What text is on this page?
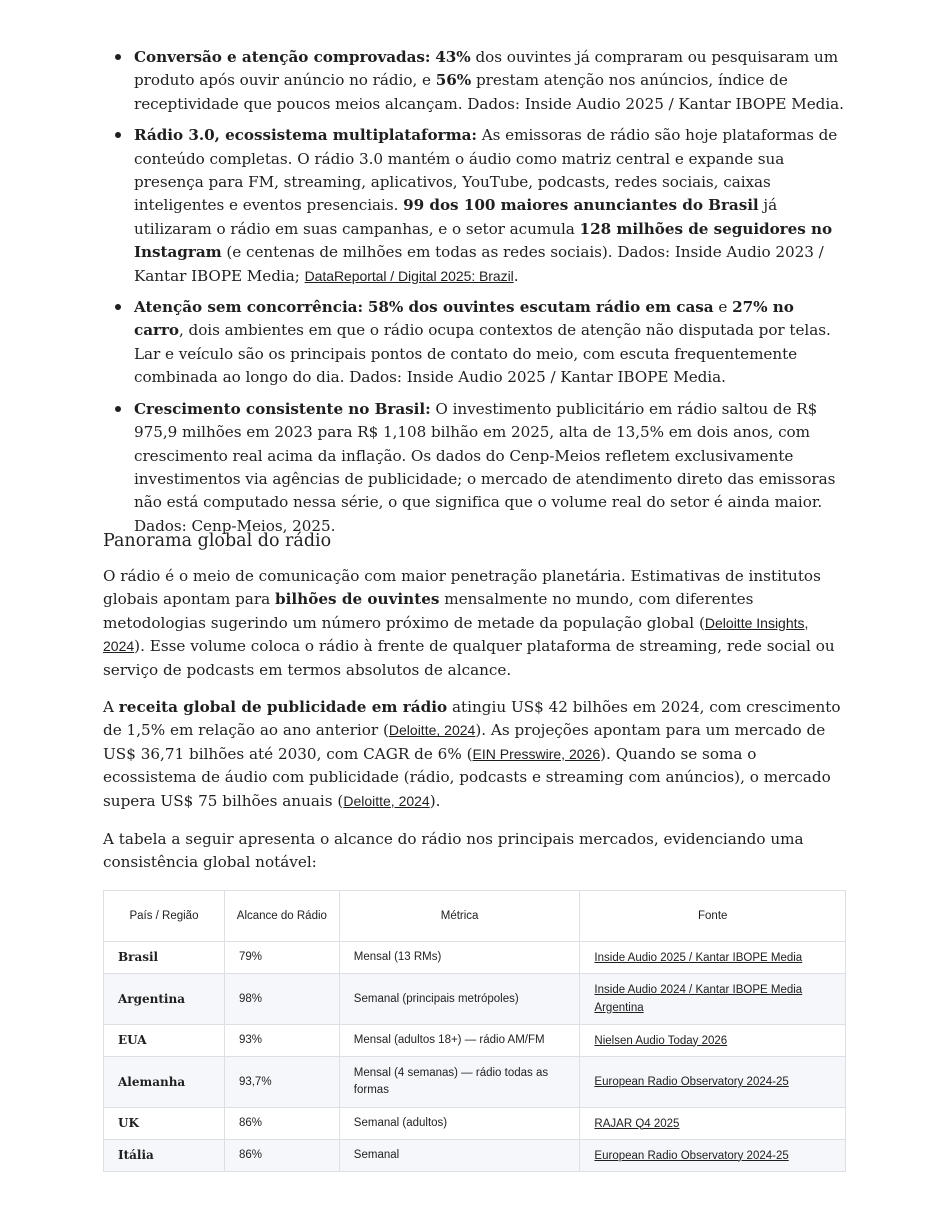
Conversão e atenção comprovadas: 43% dos ouvintes já compraram ou pesquisaram um produto após ouvir anúncio no rádio, e 56% prestam atenção nos anúncios, índice de receptividade que poucos meios alcançam. Dados: Inside Audio 2025 / Kantar IBOPE Media.
Rádio 3.0, ecossistema multiplataforma: As emissoras de rádio são hoje plataformas de conteúdo completas. O rádio 3.0 mantém o áudio como matriz central e expande sua presença para FM, streaming, aplicativos, YouTube, podcasts, redes sociais, caixas inteligentes e eventos presenciais. 99 dos 100 maiores anunciantes do Brasil já utilizaram o rádio em suas campanhas, e o setor acumula 128 milhões de seguidores no Instagram (e centenas de milhões em todas as redes sociais). Dados: Inside Audio 2023 / Kantar IBOPE Media; DataReportal / Digital 2025: Brazil.
Atenção sem concorrência: 58% dos ouvintes escutam rádio em casa e 27% no carro, dois ambientes em que o rádio ocupa contextos de atenção não disputada por telas. Lar e veículo são os principais pontos de contato do meio, com escuta frequentemente combinada ao longo do dia. Dados: Inside Audio 2025 / Kantar IBOPE Media.
Crescimento consistente no Brasil: O investimento publicitário em rádio saltou de R$ 975,9 milhões em 2023 para R$ 1,108 bilhão em 2025, alta de 13,5% em dois anos, com crescimento real acima da inflação. Os dados do Cenp-Meios refletem exclusivamente investimentos via agências de publicidade; o mercado de atendimento direto das emissoras não está computado nessa série, o que significa que o volume real do setor é ainda maior. Dados: Cenp-Meios, 2025.
Panorama global do rádio

O rádio é o meio de comunicação com maior penetração planetária. Estimativas de institutos globais apontam para bilhões de ouvintes mensalmente no mundo, com diferentes metodologias sugerindo um número próximo de metade da população global (Deloitte Insights, 2024). Esse volume coloca o rádio à frente de qualquer plataforma de streaming, rede social ou serviço de podcasts em termos absolutos de alcance.

A receita global de publicidade em rádio atingiu US$ 42 bilhões em 2024, com crescimento de 1,5% em relação ao ano anterior (Deloitte, 2024). As projeções apontam para um mercado de US$ 36,71 bilhões até 2030, com CAGR de 6% (EIN Presswire, 2026). Quando se soma o ecossistema de áudio com publicidade (rádio, podcasts e streaming com anúncios), o mercado supera US$ 75 bilhões anuais (Deloitte, 2024).

A tabela a seguir apresenta o alcance do rádio nos principais mercados, evidenciando uma consistência global notável:

País / Região	Alcance do Rádio	Métrica	Fonte
Brasil	79%	Mensal (13 RMs)	Inside Audio 2025 / Kantar IBOPE Media
Argentina	98%	Semanal (principais metrópoles)	Inside Audio 2024 / Kantar IBOPE Media Argentina
EUA	93%	Mensal (adultos 18+) — rádio AM/FM	Nielsen Audio Today 2026
Alemanha	93,7%	Mensal (4 semanas) — rádio todas as formas	European Radio Observatory 2024-25
UK	86%	Semanal (adultos)	RAJAR Q4 2025
Itália	86%	Semanal	European Radio Observatory 2024-25
